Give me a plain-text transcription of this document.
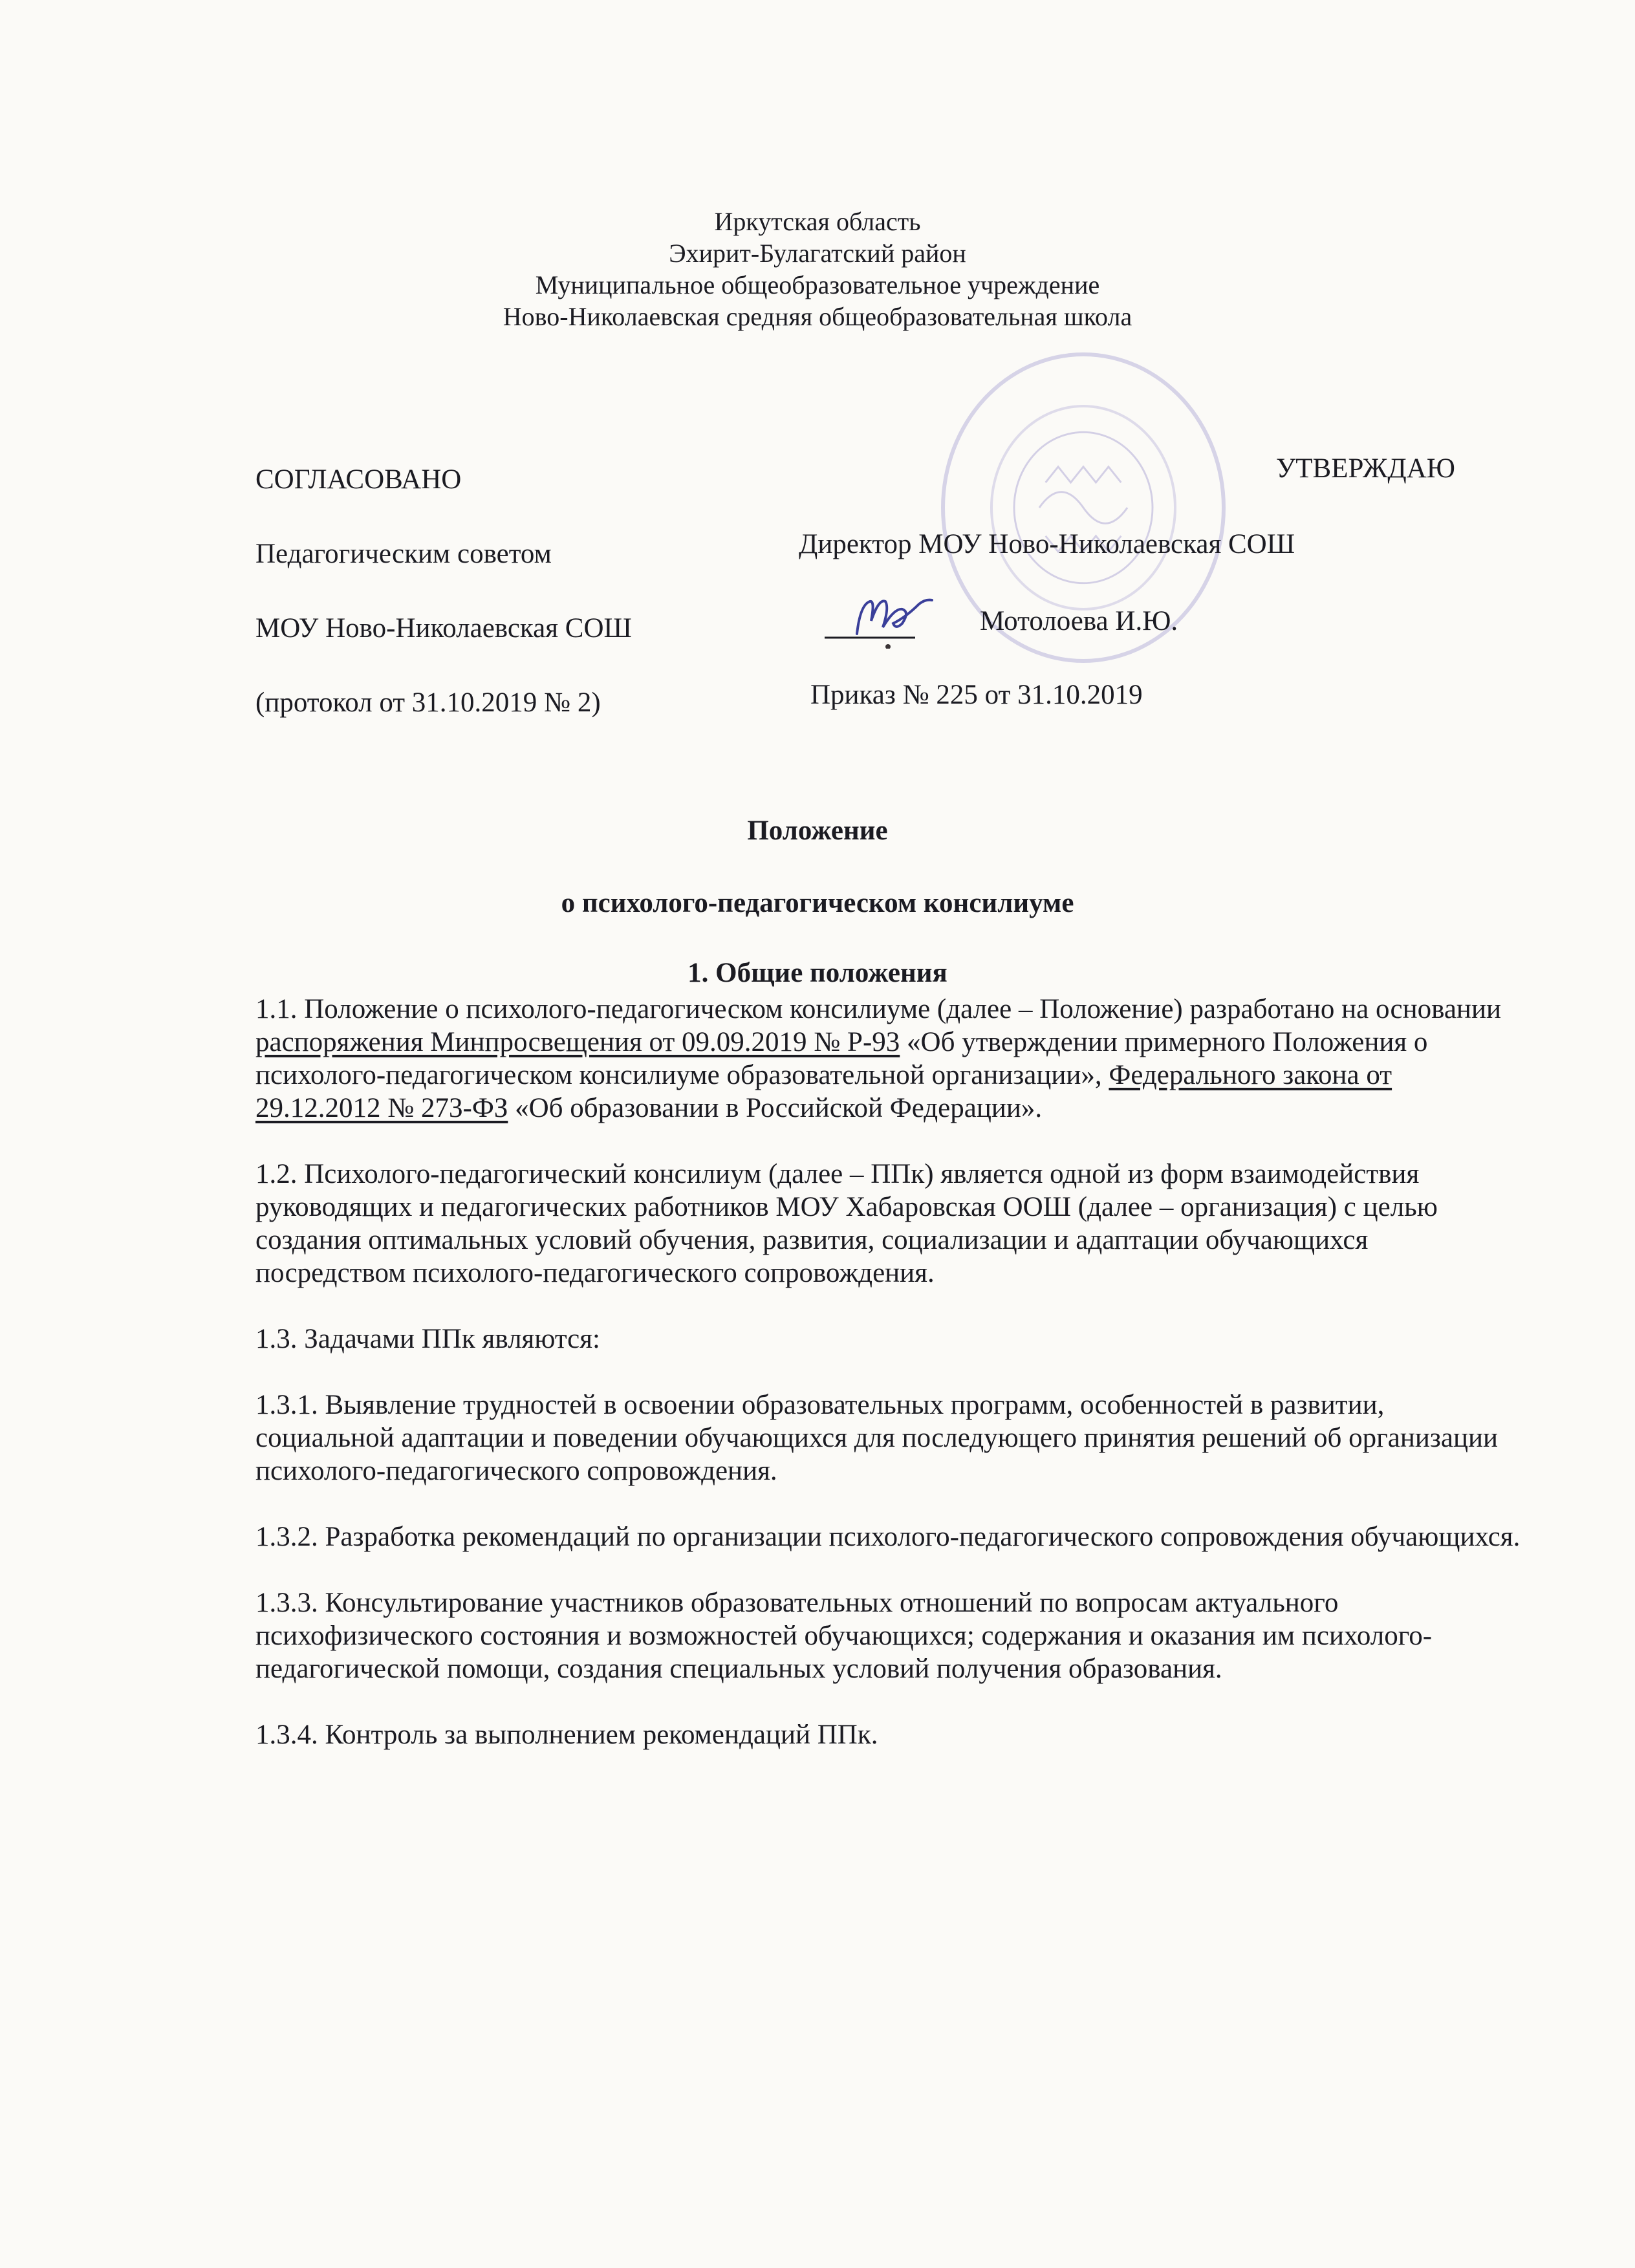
Иркутская область
Эхирит-Булагатский район
Муниципальное общеобразовательное учреждение
Ново-Николаевская средняя общеобразовательная школа
СОГЛАСОВАНО
Педагогическим советом
МОУ Ново-Николаевская СОШ
(протокол от 31.10.2019 № 2)
УТВЕРЖДАЮ
Директор МОУ Ново-Николаевская СОШ
Мотолоева И.Ю.
Приказ № 225 от 31.10.2019
Положение
о психолого-педагогическом консилиуме
1. Общие положения

1.1. Положение о психолого-педагогическом консилиуме (далее – Положение) разработано на основании распоряжения Минпросвещения от 09.09.2019 № Р-93 «Об утверждении примерного Положения о психолого-педагогическом консилиуме образовательной организации», Федерального закона от 29.12.2012 № 273-ФЗ «Об образовании в Российской Федерации».

1.2. Психолого-педагогический консилиум (далее – ППк) является одной из форм взаимодействия руководящих и педагогических работников МОУ Хабаровская ООШ (далее – организация) с целью создания оптимальных условий обучения, развития, социализации и адаптации обучающихся посредством психолого-педагогического сопровождения.

1.3. Задачами ППк являются:

1.3.1. Выявление трудностей в освоении образовательных программ, особенностей в развитии, социальной адаптации и поведении обучающихся для последующего принятия решений об организации психолого-педагогического сопровождения.

1.3.2. Разработка рекомендаций по организации психолого-педагогического сопровождения обучающихся.

1.3.3. Консультирование участников образовательных отношений по вопросам актуального психофизического состояния и возможностей обучающихся; содержания и оказания им психолого-педагогической помощи, создания специальных условий получения образования.

1.3.4. Контроль за выполнением рекомендаций ППк.
